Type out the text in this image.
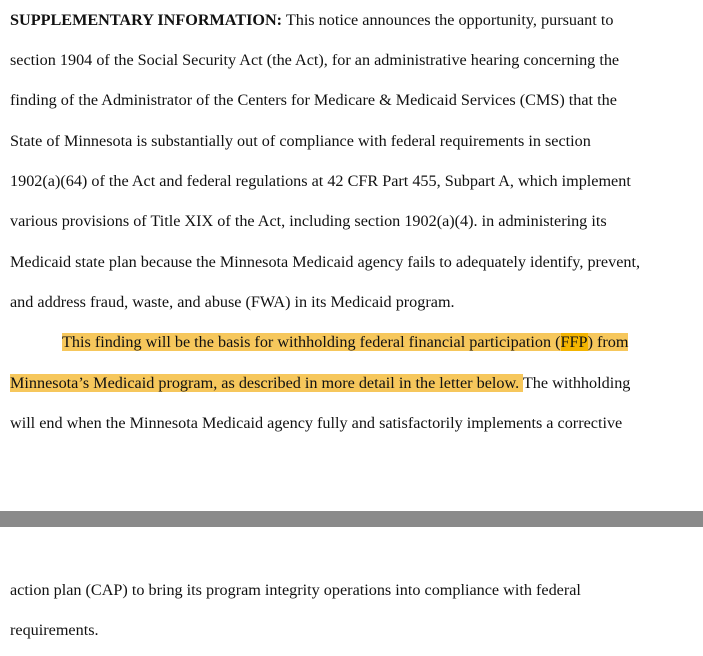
SUPPLEMENTARY INFORMATION: This notice announces the opportunity, pursuant to
section 1904 of the Social Security Act (the Act), for an administrative hearing concerning the
finding of the Administrator of the Centers for Medicare & Medicaid Services (CMS) that the
State of Minnesota is substantially out of compliance with federal requirements in section
1902(a)(64) of the Act and federal regulations at 42 CFR Part 455, Subpart A, which implement
various provisions of Title XIX of the Act, including section 1902(a)(4). in administering its
Medicaid state plan because the Minnesota Medicaid agency fails to adequately identify, prevent,
and address fraud, waste, and abuse (FWA) in its Medicaid program.
This finding will be the basis for withholding federal financial participation (FFP) from
Minnesota’s Medicaid program, as described in more detail in the letter below. The withholding
will end when the Minnesota Medicaid agency fully and satisfactorily implements a corrective
action plan (CAP) to bring its program integrity operations into compliance with federal
requirements.
